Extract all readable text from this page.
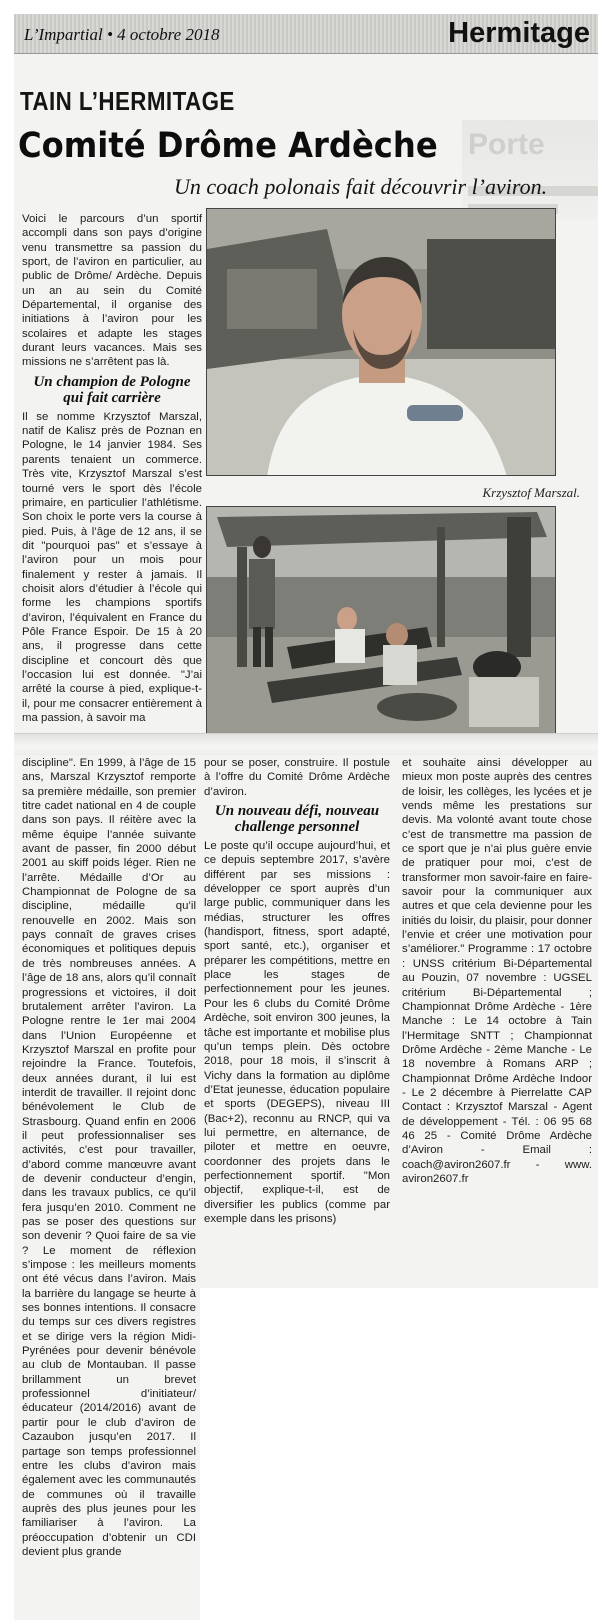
L’Impartial • 4 octobre 2018	Hermitage
Porte
TAIN L’HERMITAGE
Comité Drôme Ardèche
Un coach polonais fait découvrir l’aviron.

Voici le parcours d’un sportif accompli dans son pays d’origine venu transmettre sa passion du sport, de l’aviron en particulier, au public de Drôme/ Ardèche. Depuis un an au sein du Comité Départemental, il organise des initiations à l’aviron pour les scolaires et adapte les stages durant leurs vacances. Mais ses missions ne s’arrêtent pas là.

Un champion de Pologne qui fait carrière

Il se nomme Krzysztof Marszal, natif de Kalisz près de Poznan en Pologne, le 14 janvier 1984. Ses parents tenaient un commerce. Très vite, Krzysztof Marszal s’est tourné vers le sport dès l’école primaire, en particulier l’athlétisme. Son choix le porte vers la course à pied. Puis, à l’âge de 12 ans, il se dit "pourquoi pas" et s’essaye à l’aviron pour un mois pour finalement y rester à jamais. Il choisit alors d’étudier à l’école qui forme les champions sportifs d’aviron, l’équivalent en France du Pôle France Espoir. De 15 à 20 ans, il progresse dans cette discipline et concourt dès que l’occasion lui est donnée. "J’ai arrêté la course à pied, explique-t-il, pour me consacrer entièrement à ma passion, à savoir ma

Krzysztof Marszal.

discipline". En 1999, à l’âge de 15 ans, Marszal Krzysztof remporte sa première médaille, son premier titre cadet national en 4 de couple dans son pays. Il réitère avec la même équipe l’année suivante avant de passer, fin 2000 début 2001 au skiff poids léger. Rien ne l’arrête. Médaille d’Or au Championnat de Pologne de sa discipline, médaille qu’il renouvelle en 2002. Mais son pays connaît de graves crises économiques et politiques depuis de très nombreuses années. A l’âge de 18 ans, alors qu’il connaît progressions et victoires, il doit brutalement arrêter l’aviron. La Pologne rentre le 1er mai 2004 dans l’Union Européenne et Krzysztof Marszal en profite pour rejoindre la France. Toutefois, deux années durant, il lui est interdit de travailler. Il rejoint donc bénévolement le Club de Strasbourg. Quand enfin en 2006 il peut professionnaliser ses activités, c’est pour travailler, d’abord comme manœuvre avant de devenir conducteur d’engin, dans les travaux publics, ce qu’il fera jusqu’en 2010. Comment ne pas se poser des questions sur son devenir ? Quoi faire de sa vie ? Le moment de réflexion s’impose : les meilleurs moments ont été vécus dans l’aviron. Mais la barrière du langage se heurte à ses bonnes intentions. Il consacre du temps sur ces divers registres et se dirige vers la région Midi-Pyrénées pour devenir bénévole au club de Montauban. Il passe brillamment un brevet professionnel d’initiateur/éducateur (2014/2016) avant de partir pour le club d’aviron de Cazaubon jusqu’en 2017. Il partage son temps professionnel entre les clubs d’aviron mais également avec les communautés de communes où il travaille auprès des plus jeunes pour les familiariser à l’aviron. La préoccupation d’obtenir un CDI devient plus grande

pour se poser, construire. Il postule à l’offre du Comité Drôme Ardèche d’aviron.

Un nouveau défi, nouveau challenge personnel

Le poste qu’il occupe aujourd’hui, et ce depuis septembre 2017, s’avère différent par ses missions : développer ce sport auprès d’un large public, communiquer dans les médias, structurer les offres (handisport, fitness, sport adapté, sport santé, etc.), organiser et préparer les compétitions, mettre en place les stages de perfectionnement pour les jeunes. Pour les 6 clubs du Comité Drôme Ardèche, soit environ 300 jeunes, la tâche est importante et mobilise plus qu’un temps plein. Dès octobre 2018, pour 18 mois, il s’inscrit à Vichy dans la formation au diplôme d’Etat jeunesse, éducation populaire et sports (DEGEPS), niveau III (Bac+2), reconnu au RNCP, qui va lui permettre, en alternance, de piloter et mettre en oeuvre, coordonner des projets dans le perfectionnement sportif. "Mon objectif, explique-t-il, est de diversifier les publics (comme par exemple dans les prisons)

et souhaite ainsi développer au mieux mon poste auprès des centres de loisir, les collèges, les lycées et je vends même les prestations sur devis. Ma volonté avant toute chose c’est de transmettre ma passion de ce sport que je n’ai plus guère envie de pratiquer pour moi, c’est de transformer mon savoir-faire en faire-savoir pour la communiquer aux autres et que cela devienne pour les initiés du loisir, du plaisir, pour donner l’envie et créer une motivation pour s’améliorer." Programme : 17 octobre : UNSS critérium Bi-Départemental au Pouzin, 07 novembre : UGSEL critérium Bi-Départemental ; Championnat Drôme Ardèche - 1ère Manche : Le 14 octobre à Tain l’Hermitage SNTT ; Championnat Drôme Ardèche - 2ème Manche - Le 18 novembre à Romans ARP ; Championnat Drôme Ardèche Indoor - Le 2 décembre à Pierrelatte CAP Contact : Krzysztof Marszal - Agent de développement - Tél. : 06 95 68 46 25 - Comité Drôme Ardèche d’Aviron - Email : coach@aviron2607.fr - www. aviron2607.fr
